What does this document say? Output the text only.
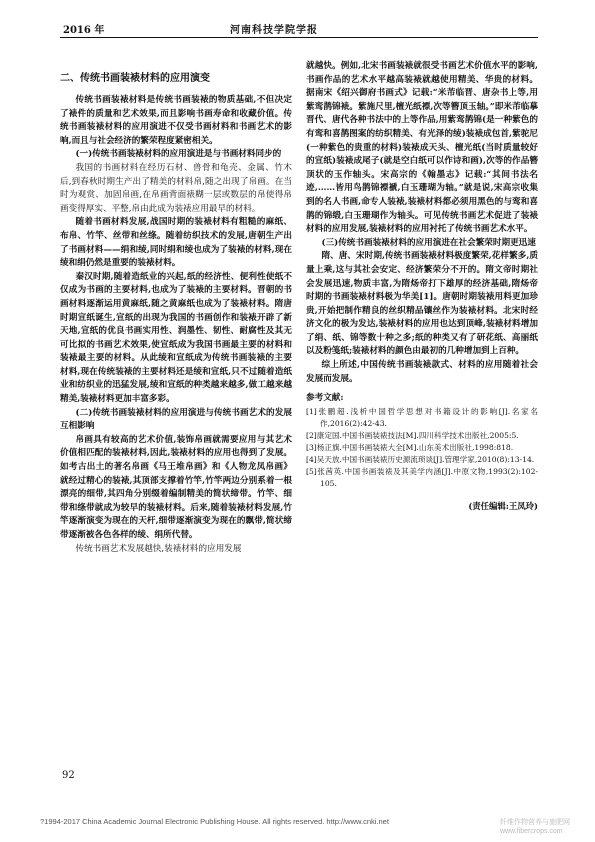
2016 年	河南科技学院学报
二、传统书画装裱材料的应用演变

传统书画装裱材料是传统书画装裱的物质基础,不但决定了裱件的质量和艺术效果,而且影响书画寿命和收藏价值。传统书画装裱材料的应用演进不仅受书画材料和书画艺术的影响,而且与社会经济的繁荣程度紧密相关。

(一)传统书画装裱材料的应用演进是与书画材料同步的

我国的书画材料在经历石材、兽骨和龟壳、金属、竹木后,到春秋时期生产出了精美的材料帛,随之出现了帛画。在当时为观赏、加固帛画,在帛画背面裱糊一层或数层的帛使得帛画变得厚实、平整,帛由此成为装裱应用最早的材料。

随着书画材料发展,战国时期的装裱材料有粗糙的麻纸、布帛、竹竿、丝带和丝绦。随着纺织技术的发展,唐朝生产出了书画材料——绢和绫,同时绢和绫也成为了装裱的材料,现在绫和绢仍然是重要的装裱材料。

秦汉时期,随着造纸业的兴起,纸的经济性、便利性使纸不仅成为书画的主要材料,也成为了装裱的主要材料。晋朝的书画材料逐渐运用黄麻纸,随之黄麻纸也成为了装裱材料。隋唐时期宣纸诞生,宣纸的出现为我国的书画创作和装裱开辟了新天地,宣纸的优良书画实用性、润墨性、韧性、耐腐性及其无可比拟的书画艺术效果,使宣纸成为我国书画最主要的材料和装裱最主要的材料。从此绫和宣纸成为传统书画装裱的主要材料,现在传统装裱的主要材料还是绫和宣纸,只不过随着造纸业和纺织业的迅猛发展,绫和宣纸的种类越来越多,做工越来越精美,装裱材料更加丰富多彩。

(二)传统书画装裱材料的应用演进与传统书画艺术的发展互相影响

帛画具有较高的艺术价值,装饰帛画就需要应用与其艺术价值相匹配的装裱材料,因此,装裱材料的应用也得到了发展。如考古出土的著名帛画《马王堆帛画》和《人物龙凤帛画》就经过精心的装裱,其顶部支撑着竹竿,竹竿两边分别系着一根漂亮的细带,其四角分别缀着编制精美的简状缔带。竹竿、细带和绦带就成为较早的装裱材料。后来,随着装裱材料发展,竹竿逐渐演变为现在的天杆,细带逐渐演变为现在的飘带,简状缔带逐渐被各色各样的绫、绢所代替。

传统书画艺术发展越快,装裱材料的应用发展

就越快。例如,北宋书画装裱就很受书画艺术价值水平的影响,书画作品的艺术水平越高装裱就越使用精美、华贵的材料。据南宋《绍兴御府书画式》记载:“米芾临晋、唐杂书上等,用紫鸾鹊锦裱。紫施尺里,檀光纸褾,次等簪顶玉轴。”即米芾临摹晋代、唐代各种书法中的上等作品,用紫鸾鹊锦(是一种紫色的有鸾和喜鹊图案的纺织精美、有光泽的绫)装裱成包首,紫驼尼(一种紫色的贵重的材料)装裱成天头、檀光纸(当时质量较好的宣纸)装裱成尾子(就是空白纸可以作诗和画),次等的作品簪顶状的玉作轴头。宋高宗的《翰墨志》记载:“其间书法名迹,……皆用鸟鹊锦褾褫,白玉珊瑚为轴。”就是说,宋高宗收集到的名人书画,命专人装裱,装裱材料都必须用黑色的与鸾和喜鹊的锦缎,白玉珊瑚作为轴头。可见传统书画艺术促进了装裱材料的应用发展,装裱材料的应用衬托了传统书画艺术水平。

(三)传统书画装裱材料的应用演进在社会繁荣时期更迅速

隋、唐、宋时期,传统书画装裱材料极度繁荣,花样繁多,质量上乘,这与其社会安定、经济繁荣分不开的。隋文帝时期社会发展迅速,物质丰富,为隋炀帝打下雄厚的经济基础,隋炀帝时期的书画装裱材料极为华美[1]。唐朝时期装裱用料更加珍贵,开始把制作精良的丝织精品镶丝作为装裱材料。北宋时经济文化的极为发达,装裱材料的应用也达到顶峰,装裱材料增加了绢、纸、锦等数十种之多;纸的种类又有了研花纸、高丽纸以及粉笺纸;装裱材料的颜色由最初的几种增加到上百种。

综上所述,中国传统书画装裱款式、材料的应用随着社会发展而发展。

参考文献:
[1]张鹏超.浅析中国哲学思想对书籍设计的影响[J].名家名作,2016(2):42-43.
[2]康定国.中国书画装裱技法[M].四川科学技术出版社,2005:5.
[3]杨正旗.中国书画装裱大全[M].山东美术出版社,1998:818.
[4]吴天放.中国书画装裱历史源流琐谈[J].管理学家,2010(8):13-14.
[5]张茜英.中国书画装裱及其美学内涵[J].中原文物,1993(2):102-105.
(责任编辑:王凤玲)
92
?1994-2017 China Academic Journal Electronic Publishing House. All rights reserved. http://www.cnki.net	纤维作物营养与施肥网
www.fibercrops.com
